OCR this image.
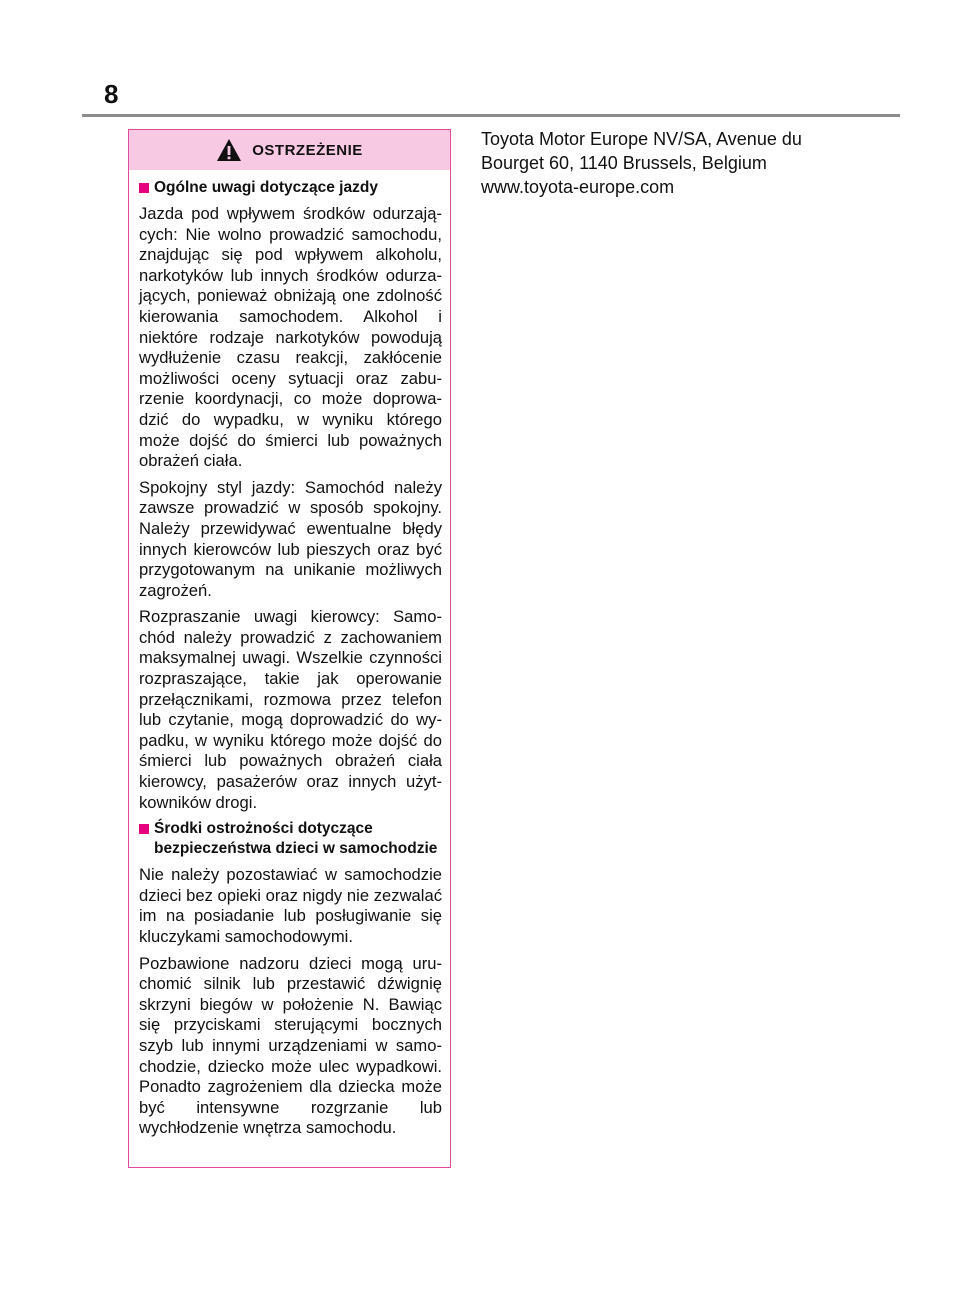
8
OSTRZEŻENIE
Ogólne uwagi dotyczące jazdy

Jazda pod wpływem środków odurzających: Nie wolno prowadzić samochodu, znajdując się pod wpływem alkoholu, narkotyków lub innych środków odurzających, ponieważ obniżają one zdolność kierowania samochodem. Alkohol i niektóre rodzaje narkotyków powodują wydłużenie czasu reakcji, zakłócenie możliwości oceny sytuacji oraz zaburzenie koordynacji, co może doprowadzić do wypadku, w wyniku którego może dojść do śmierci lub poważnych obrażeń ciała.

Spokojny styl jazdy: Samochód należy zawsze prowadzić w sposób spokojny. Należy przewidywać ewentualne błędy innych kierowców lub pieszych oraz być przygotowanym na unikanie możliwych zagrożeń.

Rozpraszanie uwagi kierowcy: Samochód należy prowadzić z zachowaniem maksymalnej uwagi. Wszelkie czynności rozpraszające, takie jak operowanie przełącznikami, rozmowa przez telefon lub czytanie, mogą doprowadzić do wypadku, w wyniku którego może dojść do śmierci lub poważnych obrażeń ciała kierowcy, pasażerów oraz innych użytkowników drogi.

Środki ostrożności dotyczące bezpieczeństwa dzieci w samochodzie

Nie należy pozostawiać w samochodzie dzieci bez opieki oraz nigdy nie zezwalać im na posiadanie lub posługiwanie się kluczykami samochodowymi.

Pozbawione nadzoru dzieci mogą uruchomić silnik lub przestawić dźwignię skrzyni biegów w położenie N. Bawiąc się przyciskami sterującymi bocznych szyb lub innymi urządzeniami w samochodzie, dziecko może ulec wypadkowi. Ponadto zagrożeniem dla dziecka może być intensywne rozgrzanie lub wychłodzenie wnętrza samochodu.

Toyota Motor Europe NV/SA, Avenue du Bourget 60, 1140 Brussels, Belgium www.toyota-europe.com
